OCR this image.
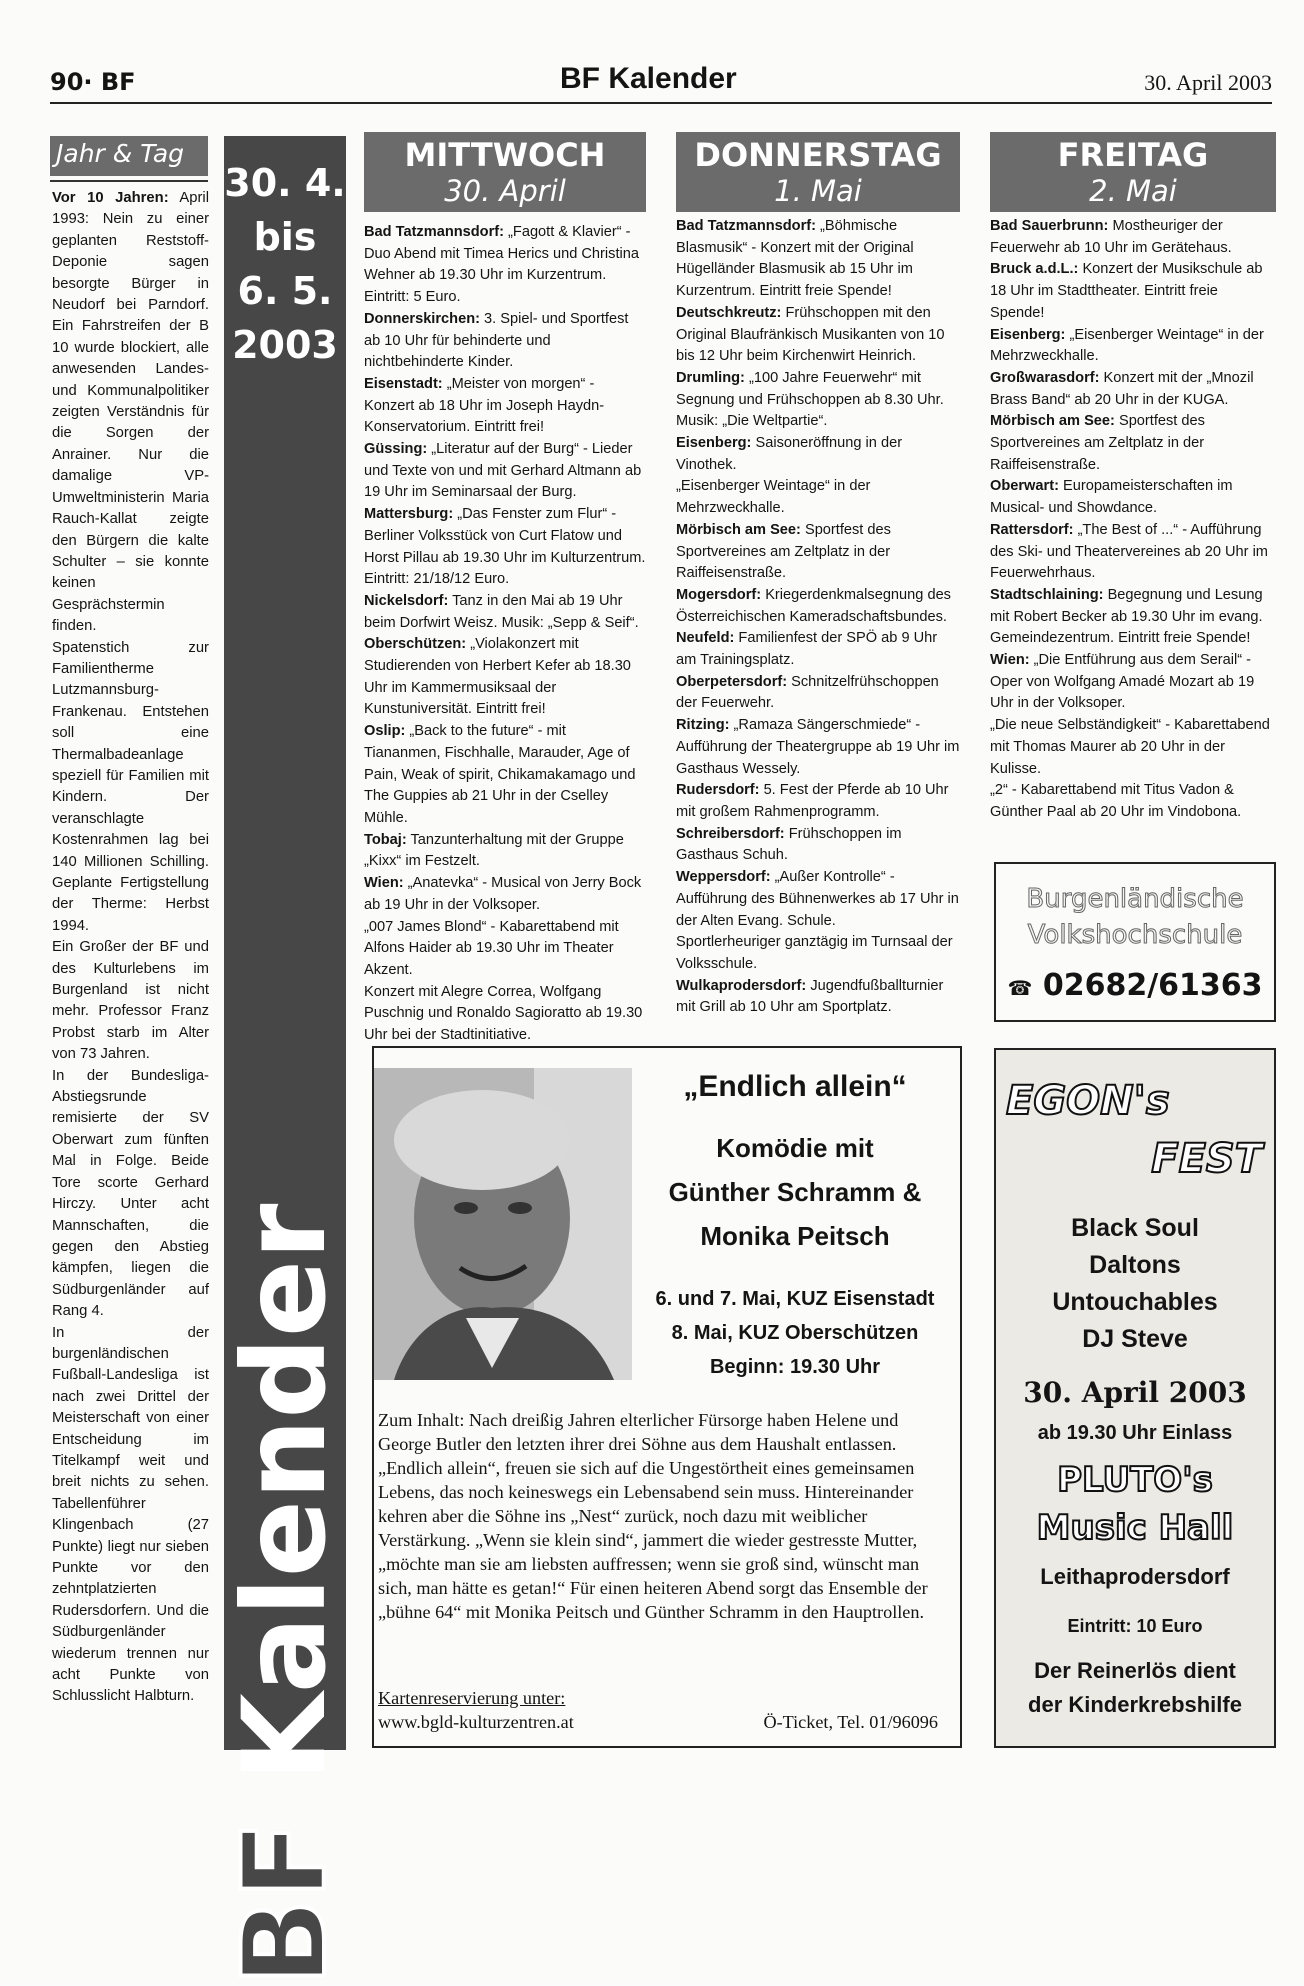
90· BF	BF Kalender	30. April 2003
Jahr & Tag

Vor 10 Jahren: April 1993: Nein zu einer geplanten Reststoff-Deponie sagen besorgte Bürger in Neudorf bei Parndorf. Ein Fahrstreifen der B 10 wurde blockiert, alle anwesenden Landes- und Kommunalpolitiker zeigten Verständnis für die Sorgen der Anrainer. Nur die damalige VP-Umweltministerin Maria Rauch-Kallat zeigte den Bürgern die kalte Schulter – sie konnte keinen Gesprächstermin finden.

Spatenstich zur Familientherme Lutzmannsburg-Frankenau. Entstehen soll eine Thermalbadeanlage speziell für Familien mit Kindern. Der veranschlagte Kostenrahmen lag bei 140 Millionen Schilling. Geplante Fertigstellung der Therme: Herbst 1994.

Ein Großer der BF und des Kulturlebens im Burgenland ist nicht mehr. Professor Franz Probst starb im Alter von 73 Jahren.

In der Bundesliga-Abstiegsrunde remisierte der SV Oberwart zum fünften Mal in Folge. Beide Tore scorte Gerhard Hirczy. Unter acht Mannschaften, die gegen den Abstieg kämpfen, liegen die Südburgenländer auf Rang 4.

In der burgenländischen Fußball-Landesliga ist nach zwei Drittel der Meisterschaft von einer Entscheidung im Titelkampf weit und breit nichts zu sehen. Tabellenführer Klingenbach (27 Punkte) liegt nur sieben Punkte vor den zehntplatzierten Rudersdorfern. Und die Südburgenländer wiederum trennen nur acht Punkte von Schlusslicht Halbturn.

30. 4.
bis
6. 5.
2003
BF Kalender
MITTWOCH
30. April

Bad Tatzmannsdorf: „Fagott & Klavier“ - Duo Abend mit Timea Herics und Christina Wehner ab 19.30 Uhr im Kurzentrum. Eintritt: 5 Euro.

Donnerskirchen: 3. Spiel- und Sportfest ab 10 Uhr für behinderte und nichtbehinderte Kinder.

Eisenstadt: „Meister von morgen“ - Konzert ab 18 Uhr im Joseph Haydn-Konservatorium. Eintritt frei!

Güssing: „Literatur auf der Burg“ - Lieder und Texte von und mit Gerhard Altmann ab 19 Uhr im Seminarsaal der Burg.

Mattersburg: „Das Fenster zum Flur“ - Berliner Volksstück von Curt Flatow und Horst Pillau ab 19.30 Uhr im Kulturzentrum. Eintritt: 21/18/12 Euro.

Nickelsdorf: Tanz in den Mai ab 19 Uhr beim Dorfwirt Weisz. Musik: „Sepp & Seif“.

Oberschützen: „Violakonzert mit Studierenden von Herbert Kefer ab 18.30 Uhr im Kammermusiksaal der Kunstuniversität. Eintritt frei!

Oslip: „Back to the future“ - mit Tiananmen, Fischhalle, Marauder, Age of Pain, Weak of spirit, Chikamakamago und The Guppies ab 21 Uhr in der Cselley Mühle.

Tobaj: Tanzunterhaltung mit der Gruppe „Kixx“ im Festzelt.

Wien: „Anatevka“ - Musical von Jerry Bock ab 19 Uhr in der Volksoper.

„007 James Blond“ - Kabarettabend mit Alfons Haider ab 19.30 Uhr im Theater Akzent.

Konzert mit Alegre Correa, Wolfgang Puschnig und Ronaldo Sagioratto ab 19.30 Uhr bei der Stadtinitiative.

DONNERSTAG
1. Mai

Bad Tatzmannsdorf: „Böhmische Blasmusik“ - Konzert mit der Original Hügelländer Blasmusik ab 15 Uhr im Kurzentrum. Eintritt freie Spende!

Deutschkreutz: Frühschoppen mit den Original Blaufränkisch Musikanten von 10 bis 12 Uhr beim Kirchenwirt Heinrich.

Drumling: „100 Jahre Feuerwehr“ mit Segnung und Frühschoppen ab 8.30 Uhr. Musik: „Die Weltpartie“.

Eisenberg: Saisoneröffnung in der Vinothek.

„Eisenberger Weintage“ in der Mehrzweckhalle.

Mörbisch am See: Sportfest des Sportvereines am Zeltplatz in der Raiffeisenstraße.

Mogersdorf: Kriegerdenkmalsegnung des Österreichischen Kameradschaftsbundes.

Neufeld: Familienfest der SPÖ ab 9 Uhr am Trainingsplatz.

Oberpetersdorf: Schnitzelfrühschoppen der Feuerwehr.

Ritzing: „Ramaza Sängerschmiede“ - Aufführung der Theatergruppe ab 19 Uhr im Gasthaus Wessely.

Rudersdorf: 5. Fest der Pferde ab 10 Uhr mit großem Rahmenprogramm.

Schreibersdorf: Frühschoppen im Gasthaus Schuh.

Weppersdorf: „Außer Kontrolle“ - Aufführung des Bühnenwerkes ab 17 Uhr in der Alten Evang. Schule.

Sportlerheuriger ganztägig im Turnsaal der Volksschule.

Wulkaprodersdorf: Jugendfußballturnier mit Grill ab 10 Uhr am Sportplatz.

FREITAG
2. Mai

Bad Sauerbrunn: Mostheuriger der Feuerwehr ab 10 Uhr im Gerätehaus.

Bruck a.d.L.: Konzert der Musikschule ab 18 Uhr im Stadttheater. Eintritt freie Spende!

Eisenberg: „Eisenberger Weintage“ in der Mehrzweckhalle.

Großwarasdorf: Konzert mit der „Mnozil Brass Band“ ab 20 Uhr in der KUGA.

Mörbisch am See: Sportfest des Sportvereines am Zeltplatz in der Raiffeisenstraße.

Oberwart: Europameisterschaften im Musical- und Showdance.

Rattersdorf: „The Best of ...“ - Aufführung des Ski- und Theatervereines ab 20 Uhr im Feuerwehrhaus.

Stadtschlaining: Begegnung und Lesung mit Robert Becker ab 19.30 Uhr im evang. Gemeindezentrum. Eintritt freie Spende!

Wien: „Die Entführung aus dem Serail“ - Oper von Wolfgang Amadé Mozart ab 19 Uhr in der Volksoper.

„Die neue Selbständigkeit“ - Kabarettabend mit Thomas Maurer ab 20 Uhr in der Kulisse.

„2“ - Kabarettabend mit Titus Vadon & Günther Paal ab 20 Uhr im Vindobona.

„Endlich allein“
Komödie mit
Günther Schramm &
Monika Peitsch
6. und 7. Mai, KUZ Eisenstadt
8. Mai, KUZ Oberschützen
Beginn: 19.30 Uhr
Zum Inhalt: Nach dreißig Jahren elterlicher Fürsorge haben Helene und George Butler den letzten ihrer drei Söhne aus dem Haushalt entlassen. „Endlich allein“, freuen sie sich auf die Ungestörtheit eines gemeinsamen Lebens, das noch keineswegs ein Lebensabend sein muss. Hintereinander kehren aber die Söhne ins „Nest“ zurück, noch dazu mit weiblicher Verstärkung. „Wenn sie klein sind“, jammert die wieder gestresste Mutter, „möchte man sie am liebsten auffressen; wenn sie groß sind, wünscht man sich, man hätte es getan!“ Für einen heiteren Abend sorgt das Ensemble der „bühne 64“ mit Monika Peitsch und Günther Schramm in den Hauptrollen.
Kartenreservierung unter:
www.bgld-kulturzentren.at	Ö-Ticket, Tel. 01/96096
Burgenländische
Volkshochschule
☎ 02682/61363
EGON's
FEST
Black Soul
Daltons
Untouchables
DJ Steve
30. April 2003
ab 19.30 Uhr Einlass
PLUTO's
Music Hall
Leithaprodersdorf
Eintritt: 10 Euro
Der Reinerlös dient
der Kinderkrebshilfe
